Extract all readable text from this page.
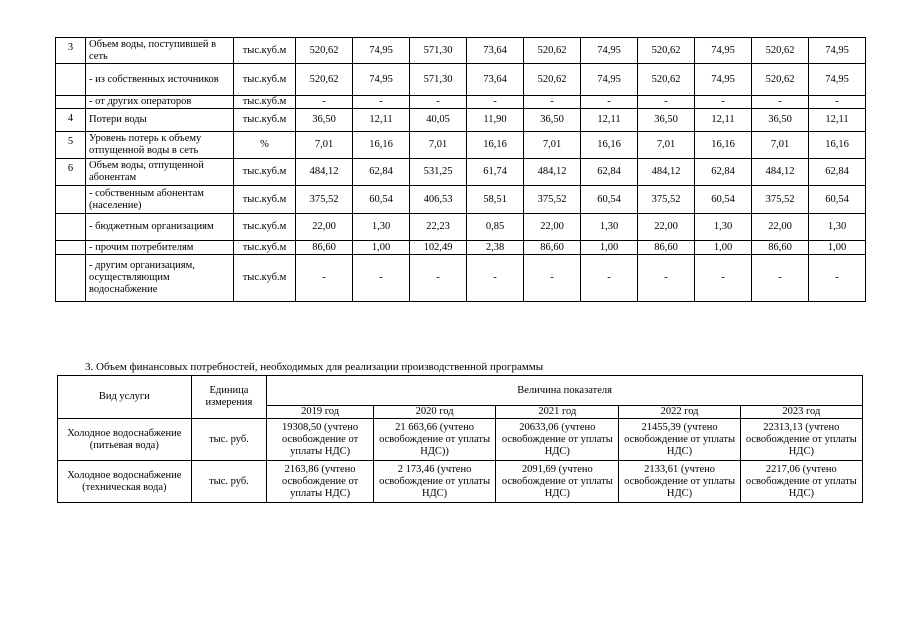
3	Объем воды, поступившей в сеть	тыс.куб.м	520,62	74,95	571,30	73,64	520,62	74,95	520,62	74,95	520,62	74,95
	- из собственных источников	тыс.куб.м	520,62	74,95	571,30	73,64	520,62	74,95	520,62	74,95	520,62	74,95
	- от других операторов	тыс.куб.м	-	-	-	-	-	-	-	-	-	-
4	Потери воды	тыс.куб.м	36,50	12,11	40,05	11,90	36,50	12,11	36,50	12,11	36,50	12,11
5	Уровень потерь к объему отпущенной воды в сеть	%	7,01	16,16	7,01	16,16	7,01	16,16	7,01	16,16	7,01	16,16
6	Объем воды, отпущенной абонентам	тыс.куб.м	484,12	62,84	531,25	61,74	484,12	62,84	484,12	62,84	484,12	62,84
	- собственным абонентам (население)	тыс.куб.м	375,52	60,54	406,53	58,51	375,52	60,54	375,52	60,54	375,52	60,54
	- бюджетным организациям	тыс.куб.м	22,00	1,30	22,23	0,85	22,00	1,30	22,00	1,30	22,00	1,30
	- прочим потребителям	тыс.куб.м	86,60	1,00	102,49	2,38	86,60	1,00	86,60	1,00	86,60	1,00
	- другим организациям, осуществляющим водоснабжение	тыс.куб.м	-	-	-	-	-	-	-	-	-	-
3. Объем финансовых потребностей, необходимых для реализации производственной программы
Вид услуги	Единица измерения	Величина показателя				
		2019 год	2020 год	2021 год	2022 год	2023 год
Холодное водоснабжение (питьевая вода)	тыс. руб.	19308,50 (учтено освобождение от уплаты НДС)	21 663,66 (учтено освобождение от уплаты НДС))	20633,06 (учтено освобождение от уплаты НДС)	21455,39 (учтено освобождение от уплаты НДС)	22313,13 (учтено освобождение от уплаты НДС)
Холодное водоснабжение (техническая вода)	тыс. руб.	2163,86 (учтено освобождение от уплаты НДС)	2 173,46 (учтено освобождение от уплаты НДС)	2091,69 (учтено освобождение от уплаты НДС)	2133,61 (учтено освобождение от уплаты НДС)	2217,06 (учтено освобождение от уплаты НДС)
